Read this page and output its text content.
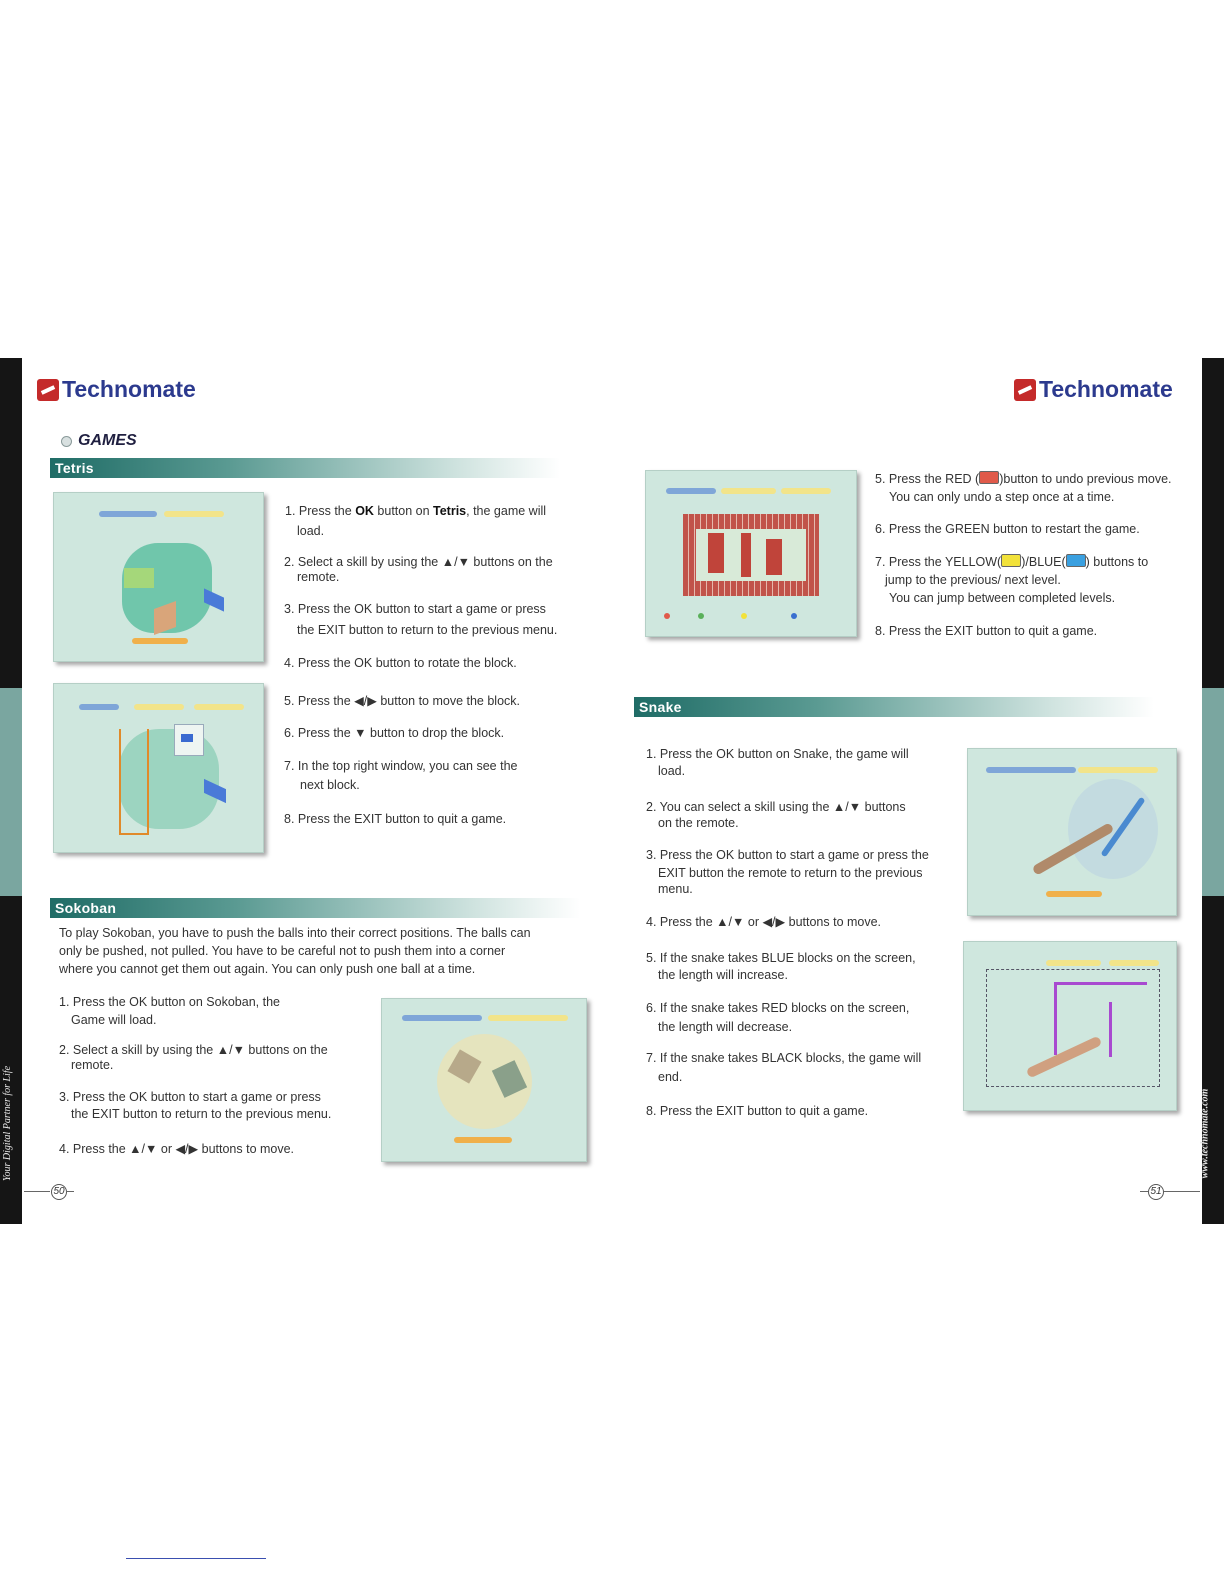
Your Digital Partner for Life	www.technomate.com
Technomate	Technomate
GAMES
Tetris
1. Press the OK button on Tetris, the game will
load.
2. Select a skill by using the ▲/▼ buttons on the
remote.
3. Press the OK button to start a game or press
the EXIT button to return to the previous menu.
4. Press the OK button to rotate the block.
5. Press the ◀/▶ button to move the block.
6. Press the ▼ button to drop the block.
7. In the top right window, you can see the
next block.
8. Press the EXIT button to quit a game.
Sokoban
To play Sokoban, you have to push the balls into their correct positions. The balls can
only be pushed, not pulled. You have to be careful not to push them into a corner
where you cannot get them out again. You can only push one ball at a time.
1. Press the OK button on Sokoban, the
Game will load.
2. Select a skill by using the ▲/▼ buttons on the
remote.
3. Press the OK button to start a game or press
the EXIT button to return to the previous menu.
4. Press the ▲/▼ or ◀/▶ buttons to move.
5. Press the RED ( )button to undo previous move.
You can only undo a step once at a time.
6. Press the GREEN button to restart the game.
7. Press the YELLOW( )/BLUE( ) buttons to
jump to the previous/ next level.
You can jump between completed levels.
8. Press the EXIT button to quit a game.
Snake
1. Press the OK button on Snake, the game will
load.
2. You can select a skill using the ▲/▼ buttons
on the remote.
3. Press the OK button to start a game or press the
EXIT button the remote to return to the previous
menu.
4. Press the ▲/▼ or ◀/▶ buttons to move.
5. If the snake takes BLUE blocks on the screen,
the length will increase.
6. If the snake takes RED blocks on the screen,
the length will decrease.
7. If the snake takes BLACK blocks, the game will
end.
8. Press the EXIT button to quit a game.
50	51
